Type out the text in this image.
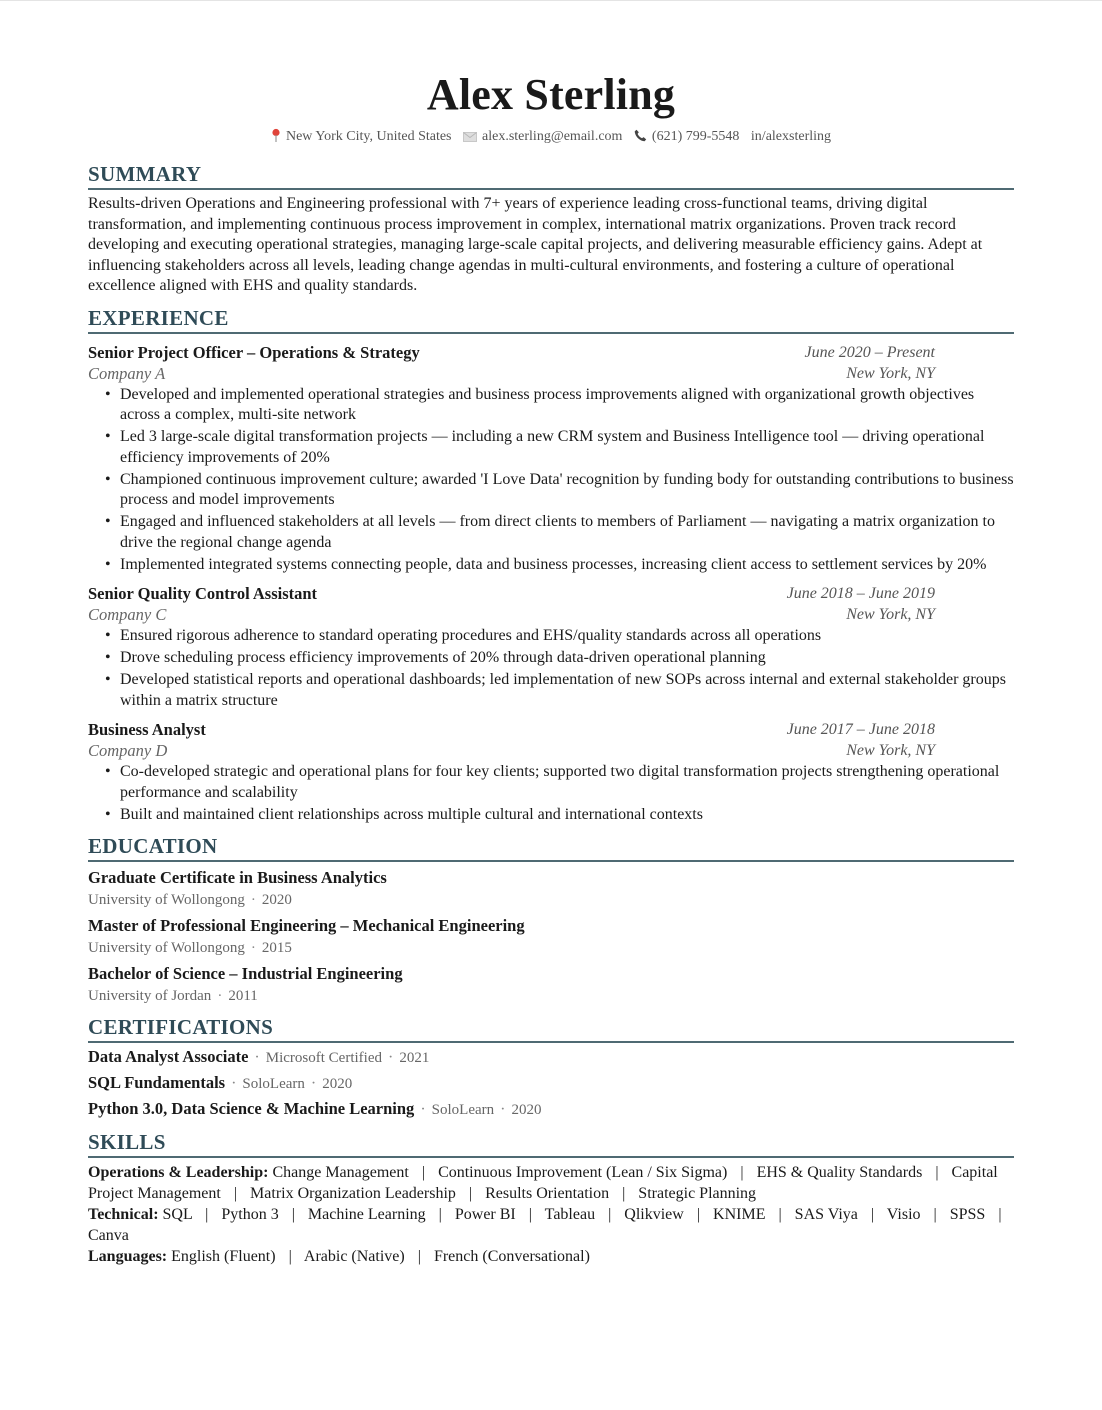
Alex Sterling
New York City, United States alex.sterling@email.com (621) 799-5548 in/alexsterling
SUMMARY

Results-driven Operations and Engineering professional with 7+ years of experience leading cross-functional teams, driving digital transformation, and implementing continuous process improvement in complex, international matrix organizations. Proven track record developing and executing operational strategies, managing large-scale capital projects, and delivering measurable efficiency gains. Adept at influencing stakeholders across all levels, leading change agendas in multi-cultural environments, and fostering a culture of operational excellence aligned with EHS and quality standards.

EXPERIENCE
Senior Project Officer – Operations & Strategy	June 2020 – Present
Company A	New York, NY
• Developed and implemented operational strategies and business process improvements aligned with organizational growth objectives across a complex, multi-site network
• Led 3 large-scale digital transformation projects — including a new CRM system and Business Intelligence tool — driving operational efficiency improvements of 20%
• Championed continuous improvement culture; awarded 'I Love Data' recognition by funding body for outstanding contributions to business process and model improvements
• Engaged and influenced stakeholders at all levels — from direct clients to members of Parliament — navigating a matrix organization to drive the regional change agenda
• Implemented integrated systems connecting people, data and business processes, increasing client access to settlement services by 20%
Senior Quality Control Assistant	June 2018 – June 2019
Company C	New York, NY
• Ensured rigorous adherence to standard operating procedures and EHS/quality standards across all operations
• Drove scheduling process efficiency improvements of 20% through data-driven operational planning
• Developed statistical reports and operational dashboards; led implementation of new SOPs across internal and external stakeholder groups within a matrix structure
Business Analyst	June 2017 – June 2018
Company D	New York, NY
• Co-developed strategic and operational plans for four key clients; supported two digital transformation projects strengthening operational performance and scalability
• Built and maintained client relationships across multiple cultural and international contexts
EDUCATION
Graduate Certificate in Business Analytics
University of Wollongong · 2020
Master of Professional Engineering – Mechanical Engineering
University of Wollongong · 2015
Bachelor of Science – Industrial Engineering
University of Jordan · 2011
CERTIFICATIONS
Data Analyst Associate · Microsoft Certified · 2021
SQL Fundamentals · SoloLearn · 2020
Python 3.0, Data Science & Machine Learning · SoloLearn · 2020
SKILLS
Operations & Leadership: Change Management | Continuous Improvement (Lean / Six Sigma) | EHS & Quality Standards | Capital Project Management | Matrix Organization Leadership | Results Orientation | Strategic Planning
Technical: SQL | Python 3 | Machine Learning | Power BI | Tableau | Qlikview | KNIME | SAS Viya | Visio | SPSS | Canva
Languages: English (Fluent) | Arabic (Native) | French (Conversational)
